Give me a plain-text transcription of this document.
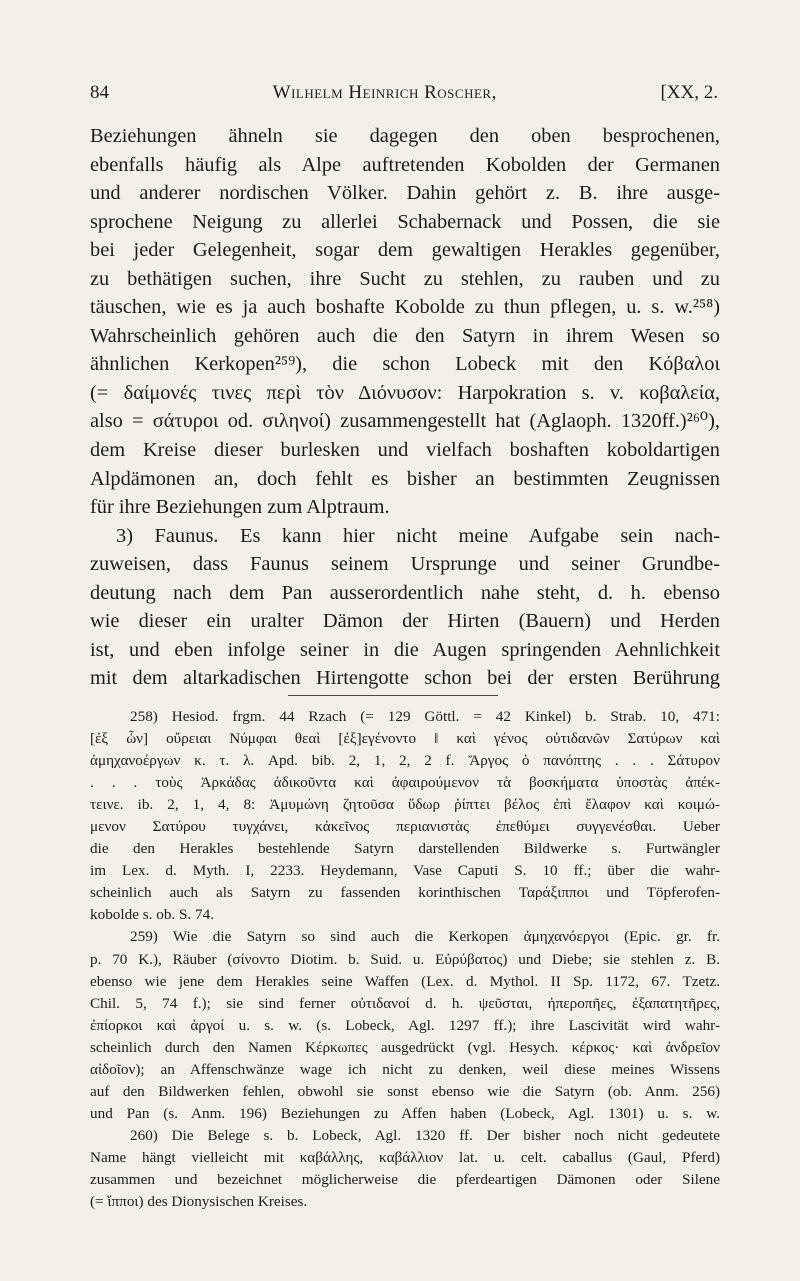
84	Wilhelm Heinrich Roscher,	[XX, 2.
Beziehungen ähneln sie dagegen den oben besprochenen,
ebenfalls häufig als Alpe auftretenden Kobolden der Germanen
und anderer nordischen Völker. Dahin gehört z. B. ihre ausge-
sprochene Neigung zu allerlei Schabernack und Possen, die sie
bei jeder Gelegenheit, sogar dem gewaltigen Herakles gegenüber,
zu bethätigen suchen, ihre Sucht zu stehlen, zu rauben und zu
täuschen, wie es ja auch boshafte Kobolde zu thun pflegen, u. s. w.²⁵⁸)
Wahrscheinlich gehören auch die den Satyrn in ihrem Wesen so
ähnlichen Kerkopen²⁵⁹), die schon Lobeck mit den Κόβαλοι
(= δαίμονές τινες περὶ τὸν Διόνυσον: Harpokration s. v. κοβαλεία,
also = σάτυροι od. σιληνοί) zusammengestellt hat (Aglaoph. 1320ff.)²⁶⁰),
dem Kreise dieser burlesken und vielfach boshaften koboldartigen
Alpdämonen an, doch fehlt es bisher an bestimmten Zeugnissen
für ihre Beziehungen zum Alptraum.
3) Faunus. Es kann hier nicht meine Aufgabe sein nach-
zuweisen, dass Faunus seinem Ursprunge und seiner Grundbe-
deutung nach dem Pan ausserordentlich nahe steht, d. h. ebenso
wie dieser ein uralter Dämon der Hirten (Bauern) und Herden
ist, und eben infolge seiner in die Augen springenden Aehnlichkeit
mit dem altarkadischen Hirtengotte schon bei der ersten Berührung
258) Hesiod. frgm. 44 Rzach (= 129 Göttl. = 42 Kinkel) b. Strab. 10, 471:
[ἐξ ὧν] οὔρειαι Νύμφαι θεαὶ [ἐξ]εγένοντο ‖ καὶ γένος οὐτιδανῶν Σατύρων καὶ
ἀμηχανοέργων κ. τ. λ. Apd. bib. 2, 1, 2, 2 f. Ἄργος ὁ πανόπτης . . . Σάτυρον
. . . τοὺς Ἀρκάδας ἀδικοῦντα καὶ ἀφαιρούμενον τὰ βοσκήματα ὑποστὰς ἀπέκ-
τεινε. ib. 2, 1, 4, 8: Ἀμυμώνη ζητοῦσα ὕδωρ ῥίπτει βέλος ἐπὶ ἔλαφον καὶ κοιμώ-
μενον Σατύρου τυγχάνει, κἀκεῖνος περιανιστὰς ἐπεθύμει συγγενέσθαι. Ueber
die den Herakles bestehlende Satyrn darstellenden Bildwerke s. Furtwängler
im Lex. d. Myth. I, 2233. Heydemann, Vase Caputi S. 10 ff.; über die wahr-
scheinlich auch als Satyrn zu fassenden korinthischen Ταράξιπποι und Töpferofen-
kobolde s. ob. S. 74.
259) Wie die Satyrn so sind auch die Kerkopen ἀμηχανόεργοι (Epic. gr. fr.
p. 70 K.), Räuber (σίνοντο Diotim. b. Suid. u. Εὐρύβατος) und Diebe; sie stehlen z. B.
ebenso wie jene dem Herakles seine Waffen (Lex. d. Mythol. II Sp. 1172, 67. Tzetz.
Chil. 5, 74 f.); sie sind ferner οὐτιδανοί d. h. ψεῦσται, ἠπεροπῆες, ἐξαπατητῆρες,
ἐπίορκοι καὶ ἀργοί u. s. w. (s. Lobeck, Agl. 1297 ff.); ihre Lascivität wird wahr-
scheinlich durch den Namen Κέρκωπες ausgedrückt (vgl. Hesych. κέρκος· καὶ ἀνδρεῖον
αἰδοῖον); an Affenschwänze wage ich nicht zu denken, weil diese meines Wissens
auf den Bildwerken fehlen, obwohl sie sonst ebenso wie die Satyrn (ob. Anm. 256)
und Pan (s. Anm. 196) Beziehungen zu Affen haben (Lobeck, Agl. 1301) u. s. w.
260) Die Belege s. b. Lobeck, Agl. 1320 ff. Der bisher noch nicht gedeutete
Name hängt vielleicht mit καβάλλης, καβάλλιον lat. u. celt. caballus (Gaul, Pferd)
zusammen und bezeichnet möglicherweise die pferdeartigen Dämonen oder Silene
(= ἵπποι) des Dionysischen Kreises.
